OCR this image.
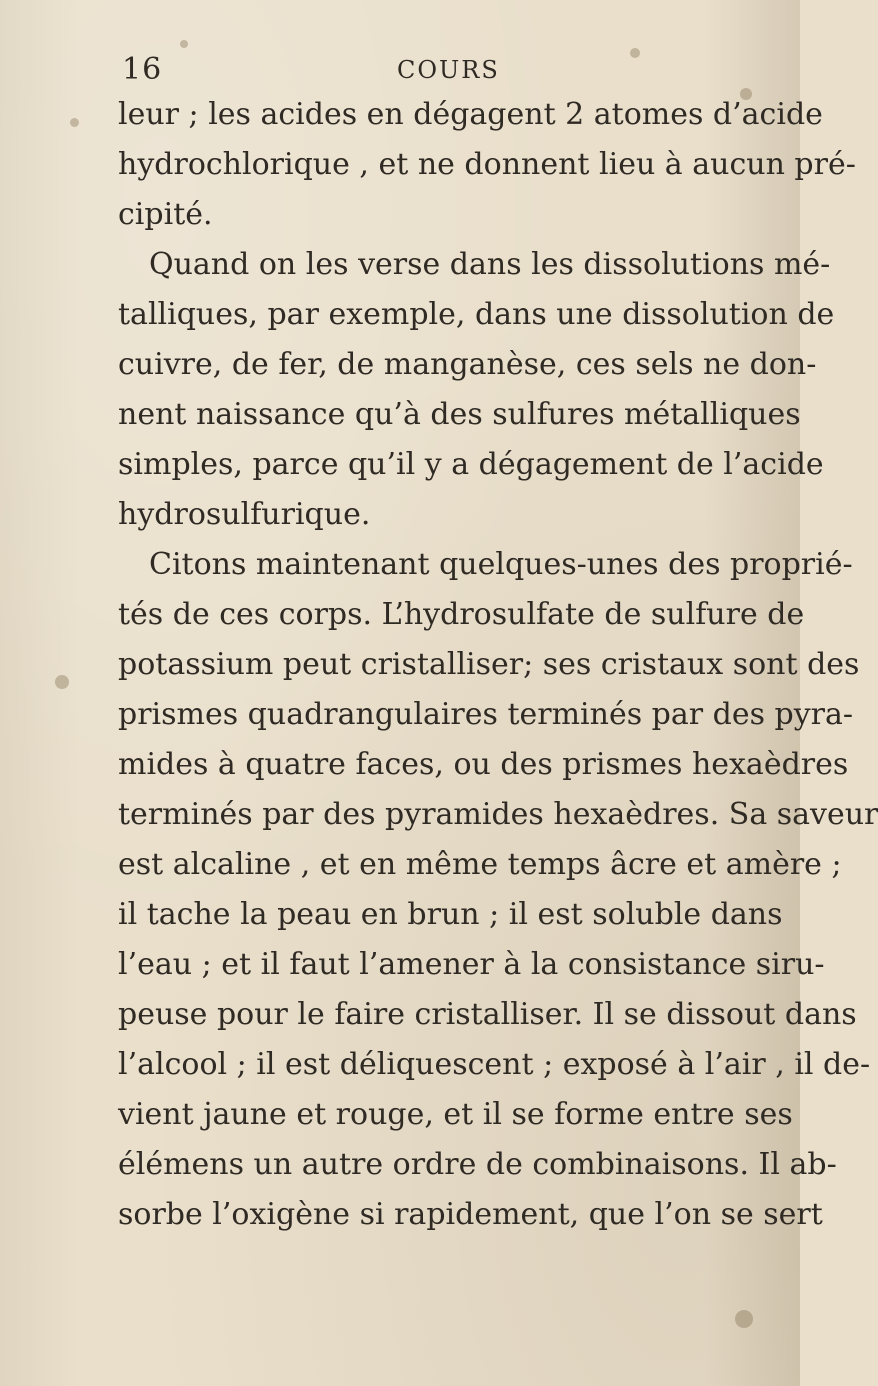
16	COURS
leur ; les acides en dégagent 2 atomes d’acide
hydrochlorique , et ne donnent lieu à aucun pré-
cipité.
Quand on les verse dans les dissolutions mé-
talliques, par exemple, dans une dissolution de
cuivre, de fer, de manganèse, ces sels ne don-
nent naissance qu’à des sulfures métalliques
simples, parce qu’il y a dégagement de l’acide
hydrosulfurique.
Citons maintenant quelques-unes des proprié-
tés de ces corps. L’hydrosulfate de sulfure de
potassium peut cristalliser; ses cristaux sont des
prismes quadrangulaires terminés par des pyra-
mides à quatre faces, ou des prismes hexaèdres
terminés par des pyramides hexaèdres. Sa saveur
est alcaline , et en même temps âcre et amère ;
il tache la peau en brun ; il est soluble dans
l’eau ; et il faut l’amener à la consistance siru-
peuse pour le faire cristalliser. Il se dissout dans
l’alcool ; il est déliquescent ; exposé à l’air , il de-
vient jaune et rouge, et il se forme entre ses
élémens un autre ordre de combinaisons. Il ab-
sorbe l’oxigène si rapidement, que l’on se sert
